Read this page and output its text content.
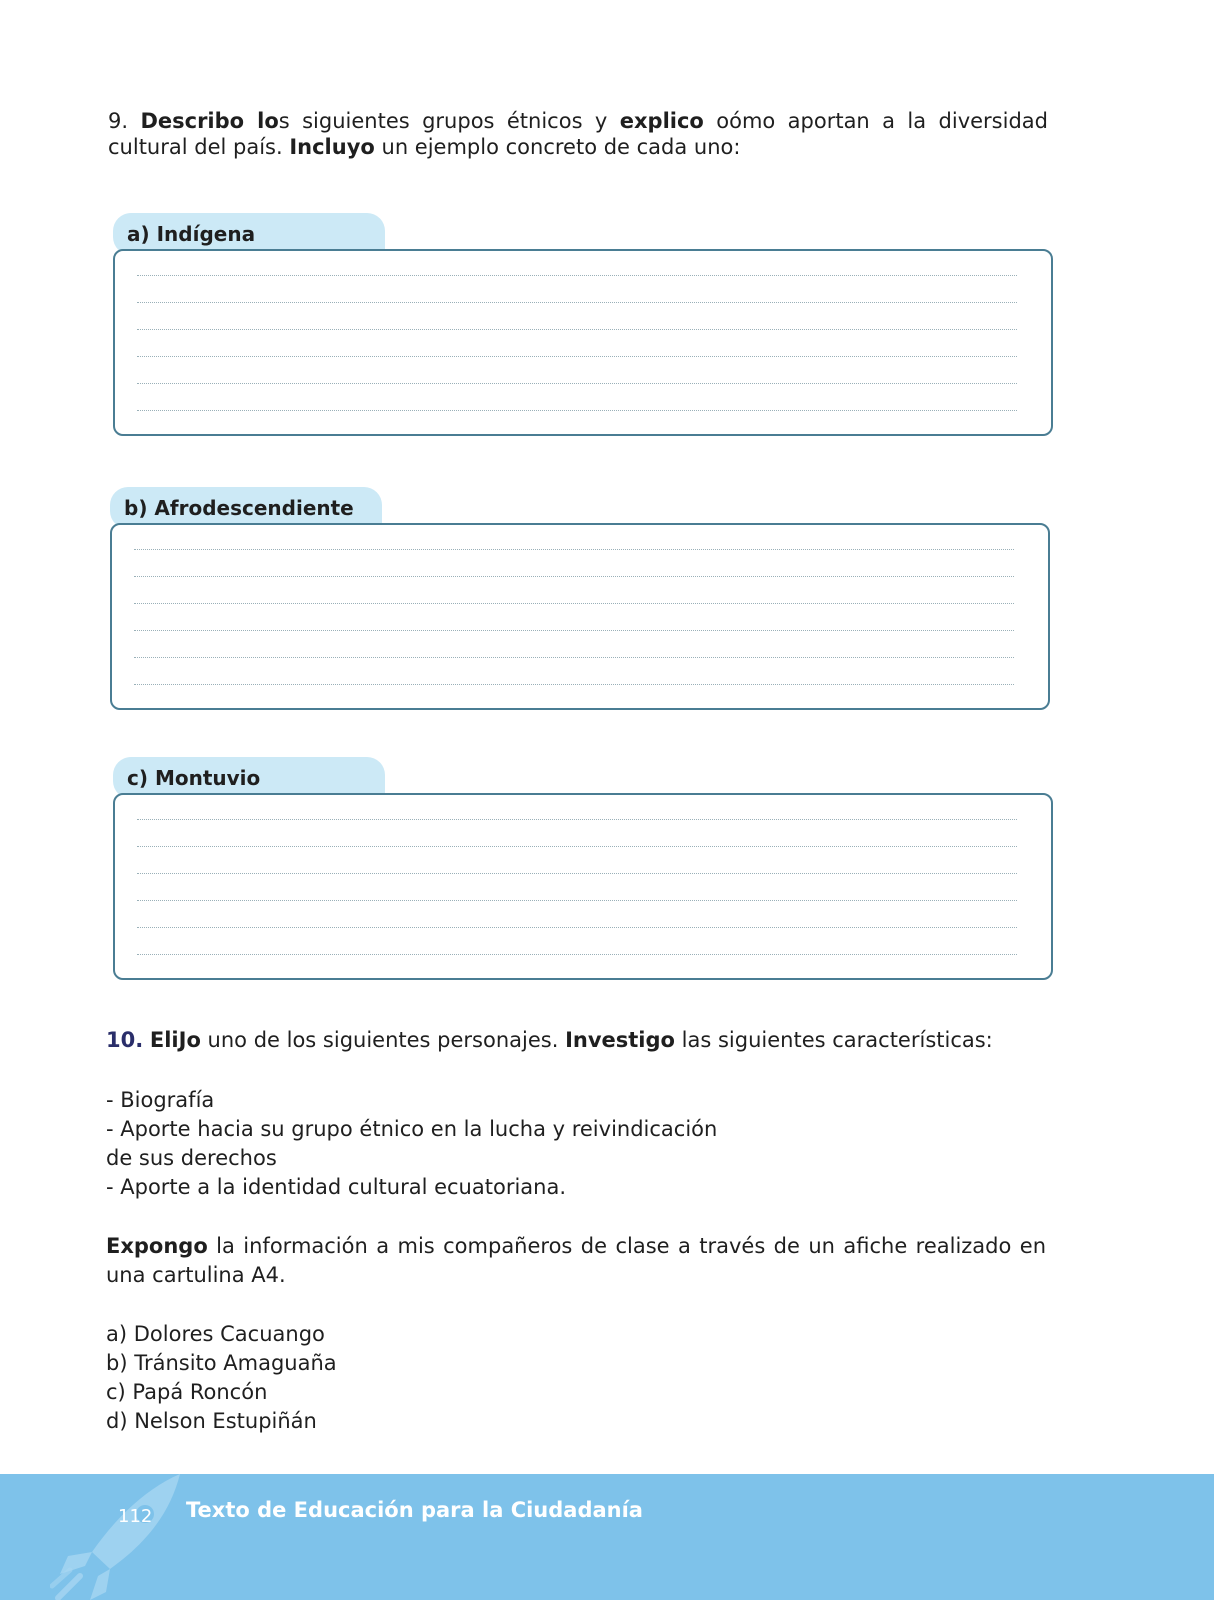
9. Describo los siguientes grupos étnicos y explico oómo aportan a la diversidad cultural del país. Incluyo un ejemplo concreto de cada uno:
a) Indígena
b) Afrodescendiente
c) Montuvio
10. EliJo uno de los siguientes personajes. Investigo las siguientes características:
- Biografía
- Aporte hacia su grupo étnico en la lucha y reivindicación de sus derechos
- Aporte a la identidad cultural ecuatoriana.
Expongo la información a mis compañeros de clase a través de un afiche realizado en una cartulina A4.
a) Dolores Cacuango
b) Tránsito Amaguaña
c) Papá Roncón
d) Nelson Estupiñán
112 Texto de Educación para la Ciudadanía
